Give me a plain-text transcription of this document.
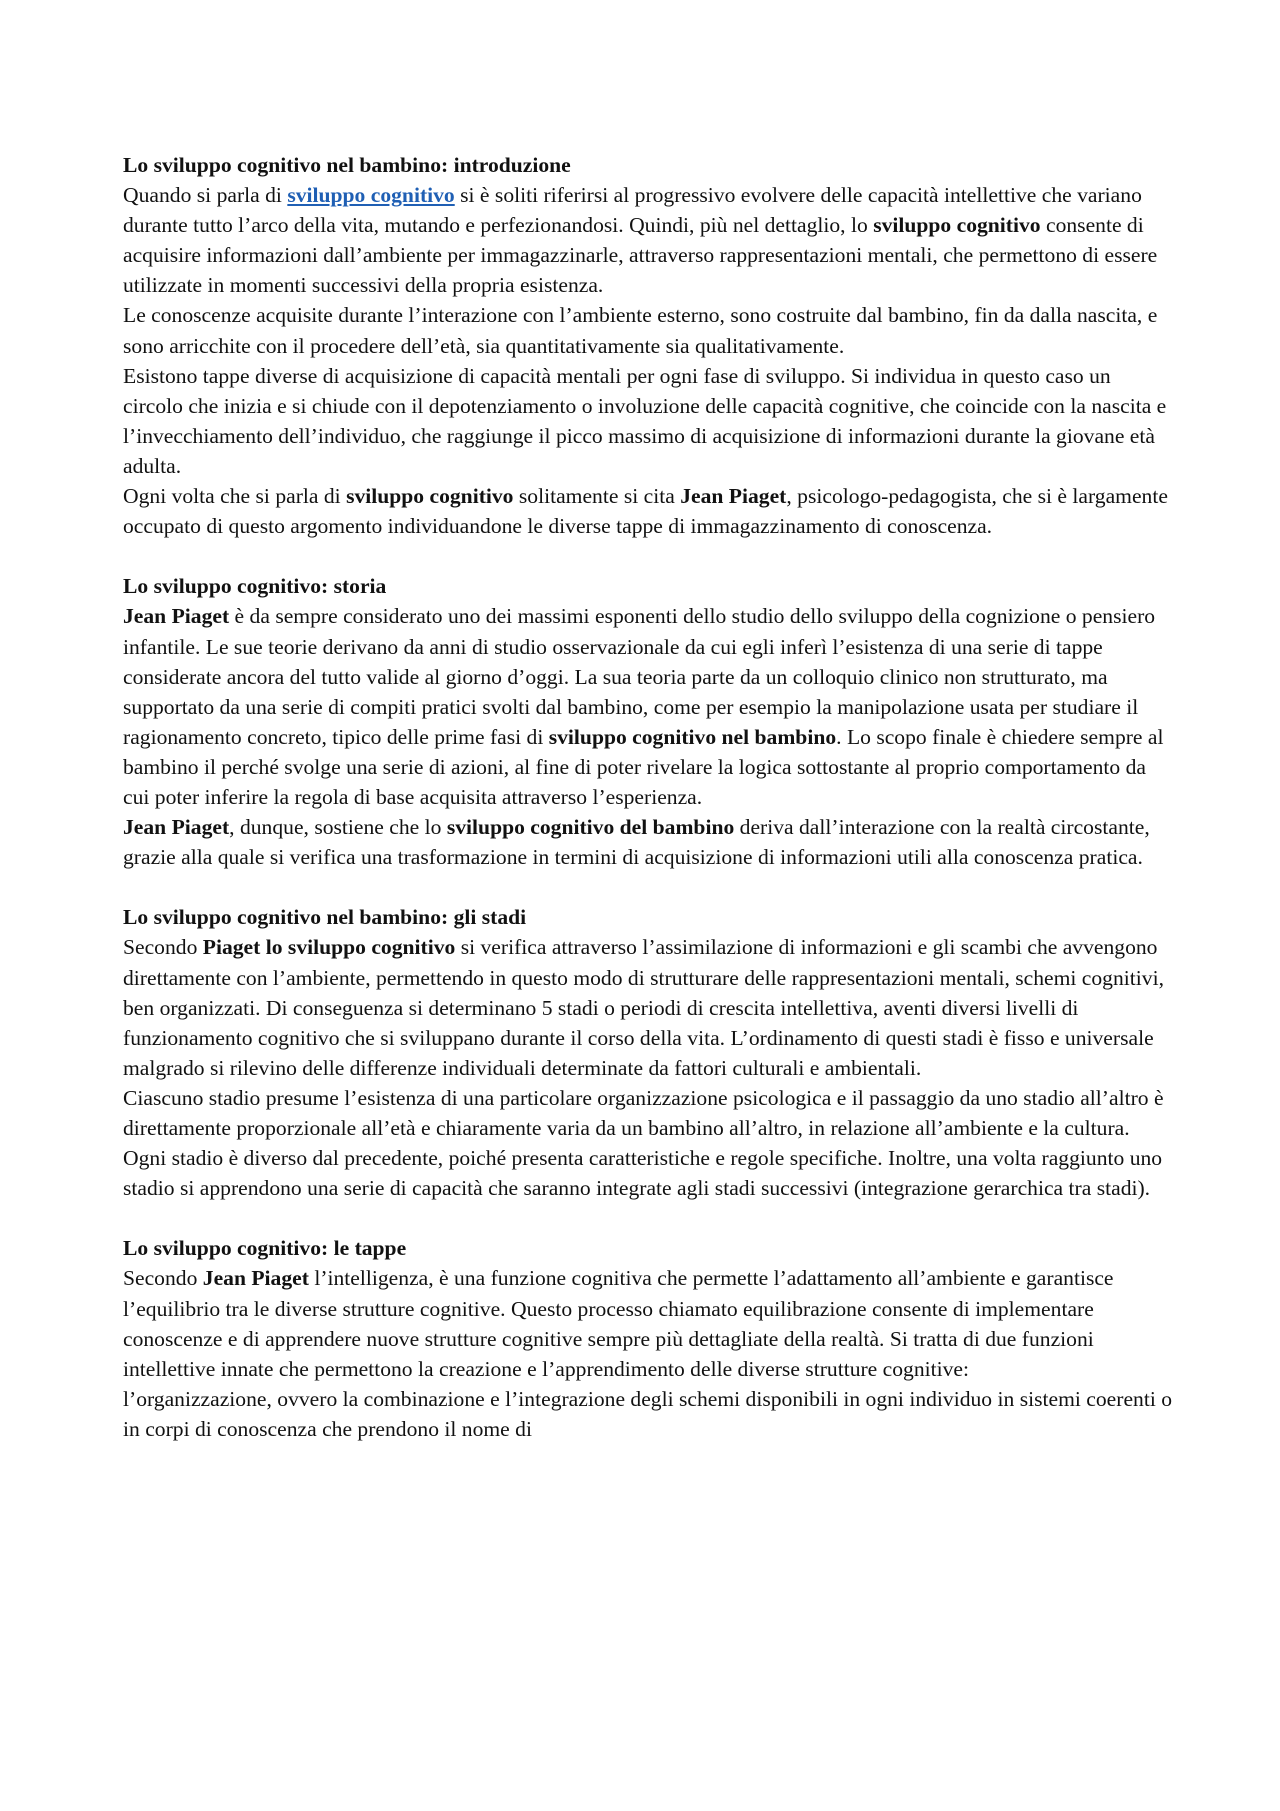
Lo sviluppo cognitivo nel bambino: introduzione

Quando si parla di sviluppo cognitivo si è soliti riferirsi al progressivo evolvere delle capacità intellettive che variano durante tutto l’arco della vita, mutando e perfezionandosi. Quindi, più nel dettaglio, lo sviluppo cognitivo consente di acquisire informazioni dall’ambiente per immagazzinarle, attraverso rappresentazioni mentali, che permettono di essere utilizzate in momenti successivi della propria esistenza.

Le conoscenze acquisite durante l’interazione con l’ambiente esterno, sono costruite dal bambino, fin da dalla nascita, e sono arricchite con il procedere dell’età, sia quantitativamente sia qualitativamente.

Esistono tappe diverse di acquisizione di capacità mentali per ogni fase di sviluppo. Si individua in questo caso un circolo che inizia e si chiude con il depotenziamento o involuzione delle capacità cognitive, che coincide con la nascita e l’invecchiamento dell’individuo, che raggiunge il picco massimo di acquisizione di informazioni durante la giovane età adulta.

Ogni volta che si parla di sviluppo cognitivo solitamente si cita Jean Piaget, psicologo-pedagogista, che si è largamente occupato di questo argomento individuandone le diverse tappe di immagazzinamento di conoscenza.

Lo sviluppo cognitivo: storia

Jean Piaget è da sempre considerato uno dei massimi esponenti dello studio dello sviluppo della cognizione o pensiero infantile. Le sue teorie derivano da anni di studio osservazionale da cui egli inferì l’esistenza di una serie di tappe considerate ancora del tutto valide al giorno d’oggi. La sua teoria parte da un colloquio clinico non strutturato, ma supportato da una serie di compiti pratici svolti dal bambino, come per esempio la manipolazione usata per studiare il ragionamento concreto, tipico delle prime fasi di sviluppo cognitivo nel bambino. Lo scopo finale è chiedere sempre al bambino il perché svolge una serie di azioni, al fine di poter rivelare la logica sottostante al proprio comportamento da cui poter inferire la regola di base acquisita attraverso l’esperienza.

Jean Piaget, dunque, sostiene che lo sviluppo cognitivo del bambino deriva dall’interazione con la realtà circostante, grazie alla quale si verifica una trasformazione in termini di acquisizione di informazioni utili alla conoscenza pratica.

Lo sviluppo cognitivo nel bambino: gli stadi

Secondo Piaget lo sviluppo cognitivo si verifica attraverso l’assimilazione di informazioni e gli scambi che avvengono direttamente con l’ambiente, permettendo in questo modo di strutturare delle rappresentazioni mentali, schemi cognitivi, ben organizzati. Di conseguenza si determinano 5 stadi o periodi di crescita intellettiva, aventi diversi livelli di funzionamento cognitivo che si sviluppano durante il corso della vita. L’ordinamento di questi stadi è fisso e universale malgrado si rilevino delle differenze individuali determinate da fattori culturali e ambientali.

Ciascuno stadio presume l’esistenza di una particolare organizzazione psicologica e il passaggio da uno stadio all’altro è direttamente proporzionale all’età e chiaramente varia da un bambino all’altro, in relazione all’ambiente e la cultura. Ogni stadio è diverso dal precedente, poiché presenta caratteristiche e regole specifiche. Inoltre, una volta raggiunto uno stadio si apprendono una serie di capacità che saranno integrate agli stadi successivi (integrazione gerarchica tra stadi).

Lo sviluppo cognitivo: le tappe

Secondo Jean Piaget l’intelligenza, è una funzione cognitiva che permette l’adattamento all’ambiente e garantisce l’equilibrio tra le diverse strutture cognitive. Questo processo chiamato equilibrazione consente di implementare conoscenze e di apprendere nuove strutture cognitive sempre più dettagliate della realtà. Si tratta di due funzioni intellettive innate che permettono la creazione e l’apprendimento delle diverse strutture cognitive:

l’organizzazione, ovvero la combinazione e l’integrazione degli schemi disponibili in ogni individuo in sistemi coerenti o in corpi di conoscenza che prendono il nome di
